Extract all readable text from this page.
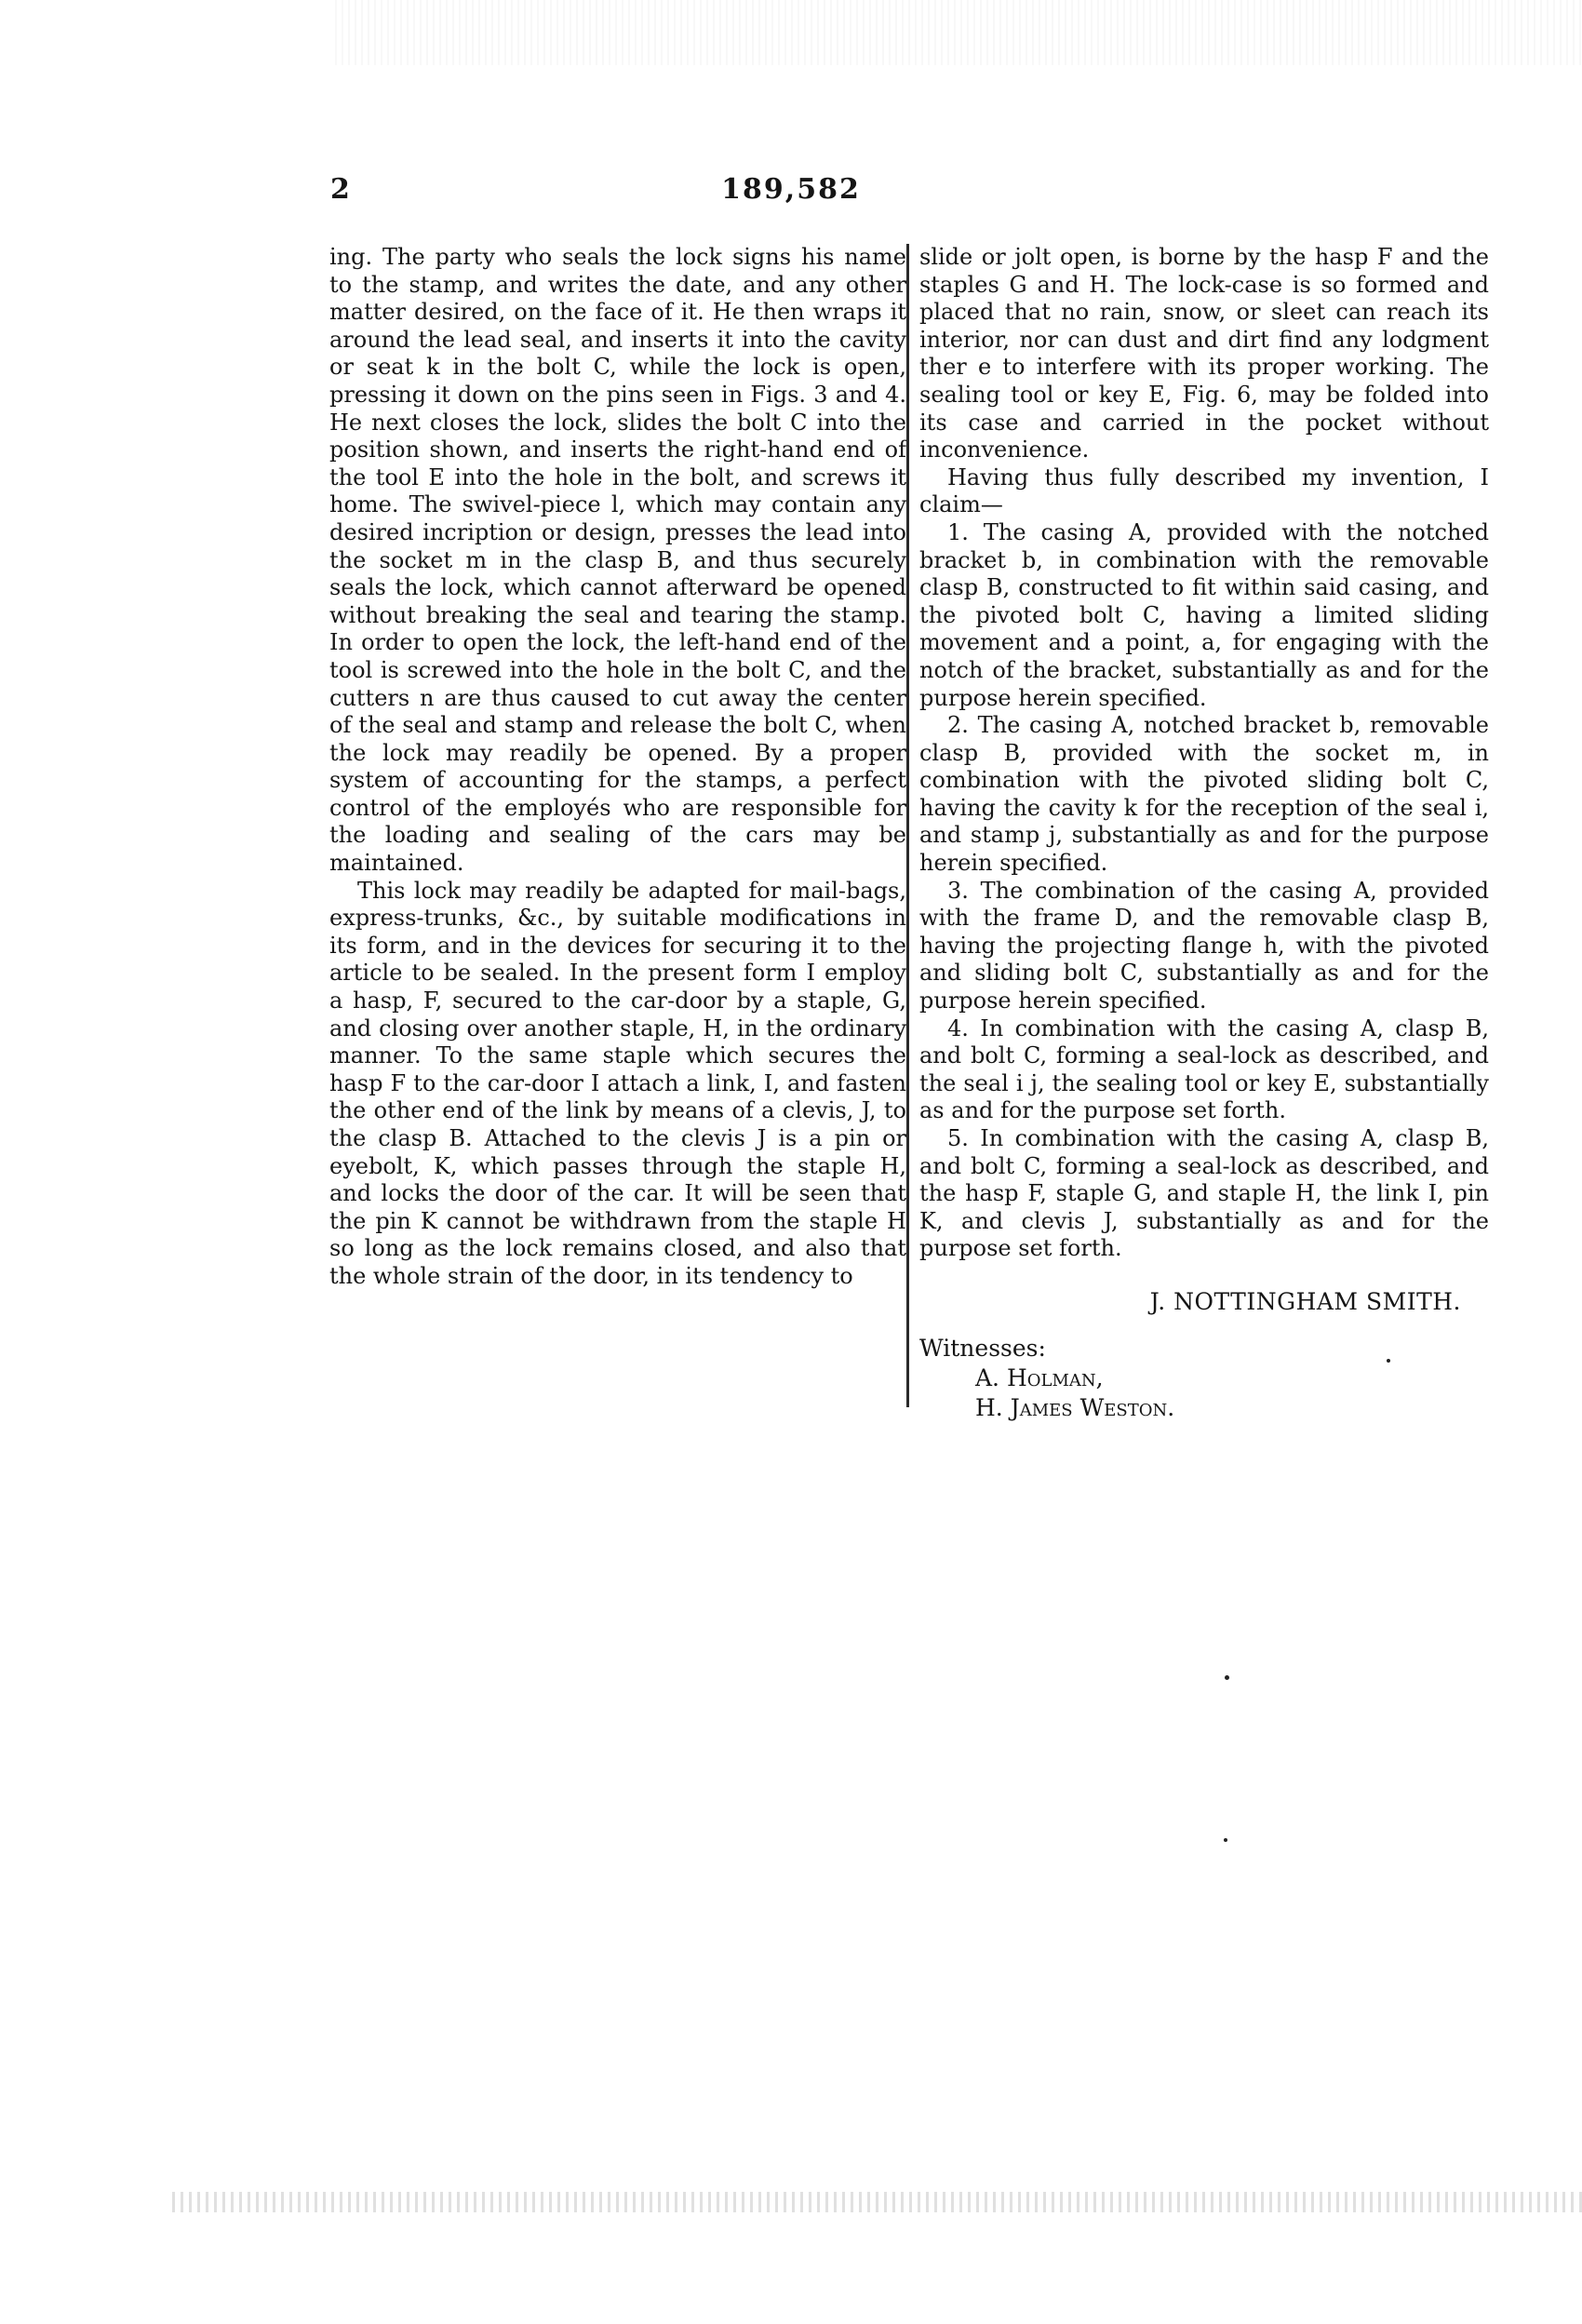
2	189,582

ing. The party who seals the lock signs his name to the stamp, and writes the date, and any other matter desired, on the face of it. He then wraps it around the lead seal, and inserts it into the cavity or seat k in the bolt C, while the lock is open, pressing it down on the pins seen in Figs. 3 and 4. He next closes the lock, slides the bolt C into the position shown, and inserts the right-hand end of the tool E into the hole in the bolt, and screws it home. The swivel-piece l, which may contain any desired incription or design, presses the lead into the socket m in the clasp B, and thus securely seals the lock, which cannot afterward be opened without breaking the seal and tearing the stamp. In order to open the lock, the left-hand end of the tool is screwed into the hole in the bolt C, and the cutters n are thus caused to cut away the center of the seal and stamp and release the bolt C, when the lock may readily be opened. By a proper system of accounting for the stamps, a perfect control of the employés who are responsible for the loading and sealing of the cars may be maintained.

This lock may readily be adapted for mail-bags, express-trunks, &c., by suitable modifications in its form, and in the devices for securing it to the article to be sealed. In the present form I employ a hasp, F, secured to the car-door by a staple, G, and closing over another staple, H, in the ordinary manner. To the same staple which secures the hasp F to the car-door I attach a link, I, and fasten the other end of the link by means of a clevis, J, to the clasp B. Attached to the clevis J is a pin or eyebolt, K, which passes through the staple H, and locks the door of the car. It will be seen that the pin K cannot be withdrawn from the staple H so long as the lock remains closed, and also that the whole strain of the door, in its tendency to

slide or jolt open, is borne by the hasp F and the staples G and H. The lock-case is so formed and placed that no rain, snow, or sleet can reach its interior, nor can dust and dirt find any lodgment ther e to interfere with its proper working. The sealing tool or key E, Fig. 6, may be folded into its case and carried in the pocket without inconvenience.

Having thus fully described my invention, I claim—

1. The casing A, provided with the notched bracket b, in combination with the removable clasp B, constructed to fit within said casing, and the pivoted bolt C, having a limited sliding movement and a point, a, for engaging with the notch of the bracket, substantially as and for the purpose herein specified.

2. The casing A, notched bracket b, removable clasp B, provided with the socket m, in combination with the pivoted sliding bolt C, having the cavity k for the reception of the seal i, and stamp j, substantially as and for the purpose herein specified.

3. The combination of the casing A, provided with the frame D, and the removable clasp B, having the projecting flange h, with the pivoted and sliding bolt C, substantially as and for the purpose herein specified.

4. In combination with the casing A, clasp B, and bolt C, forming a seal-lock as described, and the seal i j, the sealing tool or key E, substantially as and for the purpose set forth.

5. In combination with the casing A, clasp B, and bolt C, forming a seal-lock as described, and the hasp F, staple G, and staple H, the link I, pin K, and clevis J, substantially as and for the purpose set forth.

J. NOTTINGHAM SMITH.
Witnesses:
A. Holman,
H. James Weston.
